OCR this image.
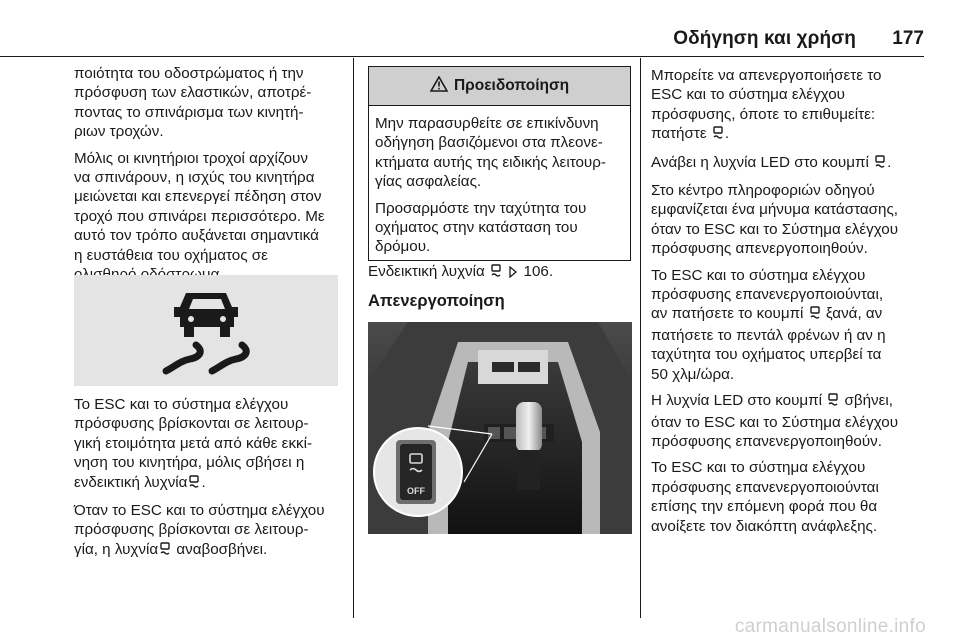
Οδήγηση και χρήση 177

ποιότητα του οδοστρώματος ή την
πρόσφυση των ελαστικών, αποτρέ‐
ποντας το σπινάρισμα των κινητή‐
ριων τροχών.

Μόλις οι κινητήριοι τροχοί αρχίζουν
να σπινάρουν, η ισχύς του κινητήρα
μειώνεται και επενεργεί πέδηση στον
τροχό που σπινάρει περισσότερο. Με
αυτό τον τρόπο αυξάνεται σημαντικά
η ευστάθεια του οχήματος σε

Το ESC και το σύστημα ελέγχου
πρόσφυσης βρίσκονται σε λειτουρ‐
γική ετοιμότητα μετά από κάθε εκκί‐
νηση του κινητήρα, μόλις σβήσει η
ενδεικτική λυχνία .

Όταν το ESC και το σύστημα ελέγχου
πρόσφυσης βρίσκονται σε λειτουρ‐
γία, η λυχνία αναβοσβήνει.

Προειδοποίηση

Μην παρασυρθείτε σε επικίνδυνη
οδήγηση βασιζόμενοι στα πλεονε‐
κτήματα αυτής της ειδικής λειτουρ‐
γίας ασφαλείας.

Προσαρμόστε την ταχύτητα του
οχήματος στην κατάσταση του
δρόμου.

Ενδεικτική λυχνία	106.
Απενεργοποίηση
OFF

Μπορείτε να απενεργοποιήσετε το
ESC και το σύστημα ελέγχου
πρόσφυσης, όποτε το επιθυμείτε:
πατήστε .

Ανάβει η λυχνία LED στο κουμπί .

Στο κέντρο πληροφοριών οδηγού
εμφανίζεται ένα μήνυμα κατάστασης,
όταν το ESC και το Σύστημα ελέγχου
πρόσφυσης απενεργοποιηθούν.

Το ESC και το σύστημα ελέγχου
πρόσφυσης επανενεργοποιούνται,
αν πατήσετε το κουμπί  ξανά, αν
πατήσετε το πεντάλ φρένων ή αν η
ταχύτητα του οχήματος υπερβεί τα
50 χλμ/ώρα.

Η λυχνία LED στο κουμπί  σβήνει,
όταν το ESC και το Σύστημα ελέγχου
πρόσφυσης επανενεργοποιηθούν.

Το ESC και το σύστημα ελέγχου
πρόσφυσης επανενεργοποιούνται
επίσης την επόμενη φορά που θα
ανοίξετε τον διακόπτη ανάφλεξης.

carmanualsonline.info
